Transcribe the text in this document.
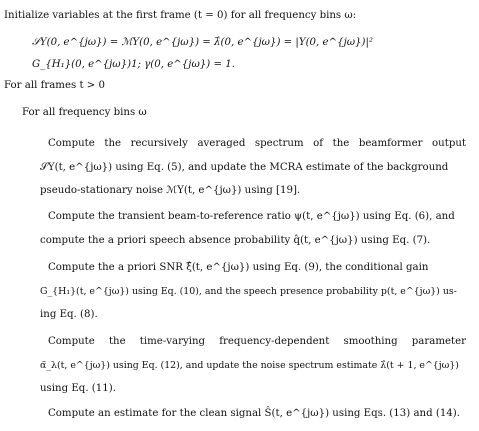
Initialize variables at the first frame (t = 0) for all frequency bins ω:
𝒮Y(0, e^{jω}) = ℳY(0, e^{jω}) = λ̂(0, e^{jω}) = |Y(0, e^{jω})|²
G_{H₁}(0, e^{jω})1; γ(0, e^{jω}) = 1.
For all frames t > 0
For all frequency bins ω
Compute the recursively averaged spectrum of the beamformer output
𝒮Y(t, e^{jω}) using Eq. (5), and update the MCRA estimate of the background
pseudo-stationary noise ℳY(t, e^{jω}) using [19].
Compute the transient beam-to-reference ratio ψ(t, e^{jω}) using Eq. (6), and
compute the a priori speech absence probability q̂(t, e^{jω}) using Eq. (7).
Compute the a priori SNR ξ̂(t, e^{jω}) using Eq. (9), the conditional gain
G_{H₁}(t, e^{jω}) using Eq. (10), and the speech presence probability p(t, e^{jω}) us-
ing Eq. (8).
Compute the time-varying frequency-dependent smoothing parameter
α̃_λ(t, e^{jω}) using Eq. (12), and update the noise spectrum estimate λ̂(t + 1, e^{jω})
using Eq. (11).
Compute an estimate for the clean signal Ŝ(t, e^{jω}) using Eqs. (13) and (14).
